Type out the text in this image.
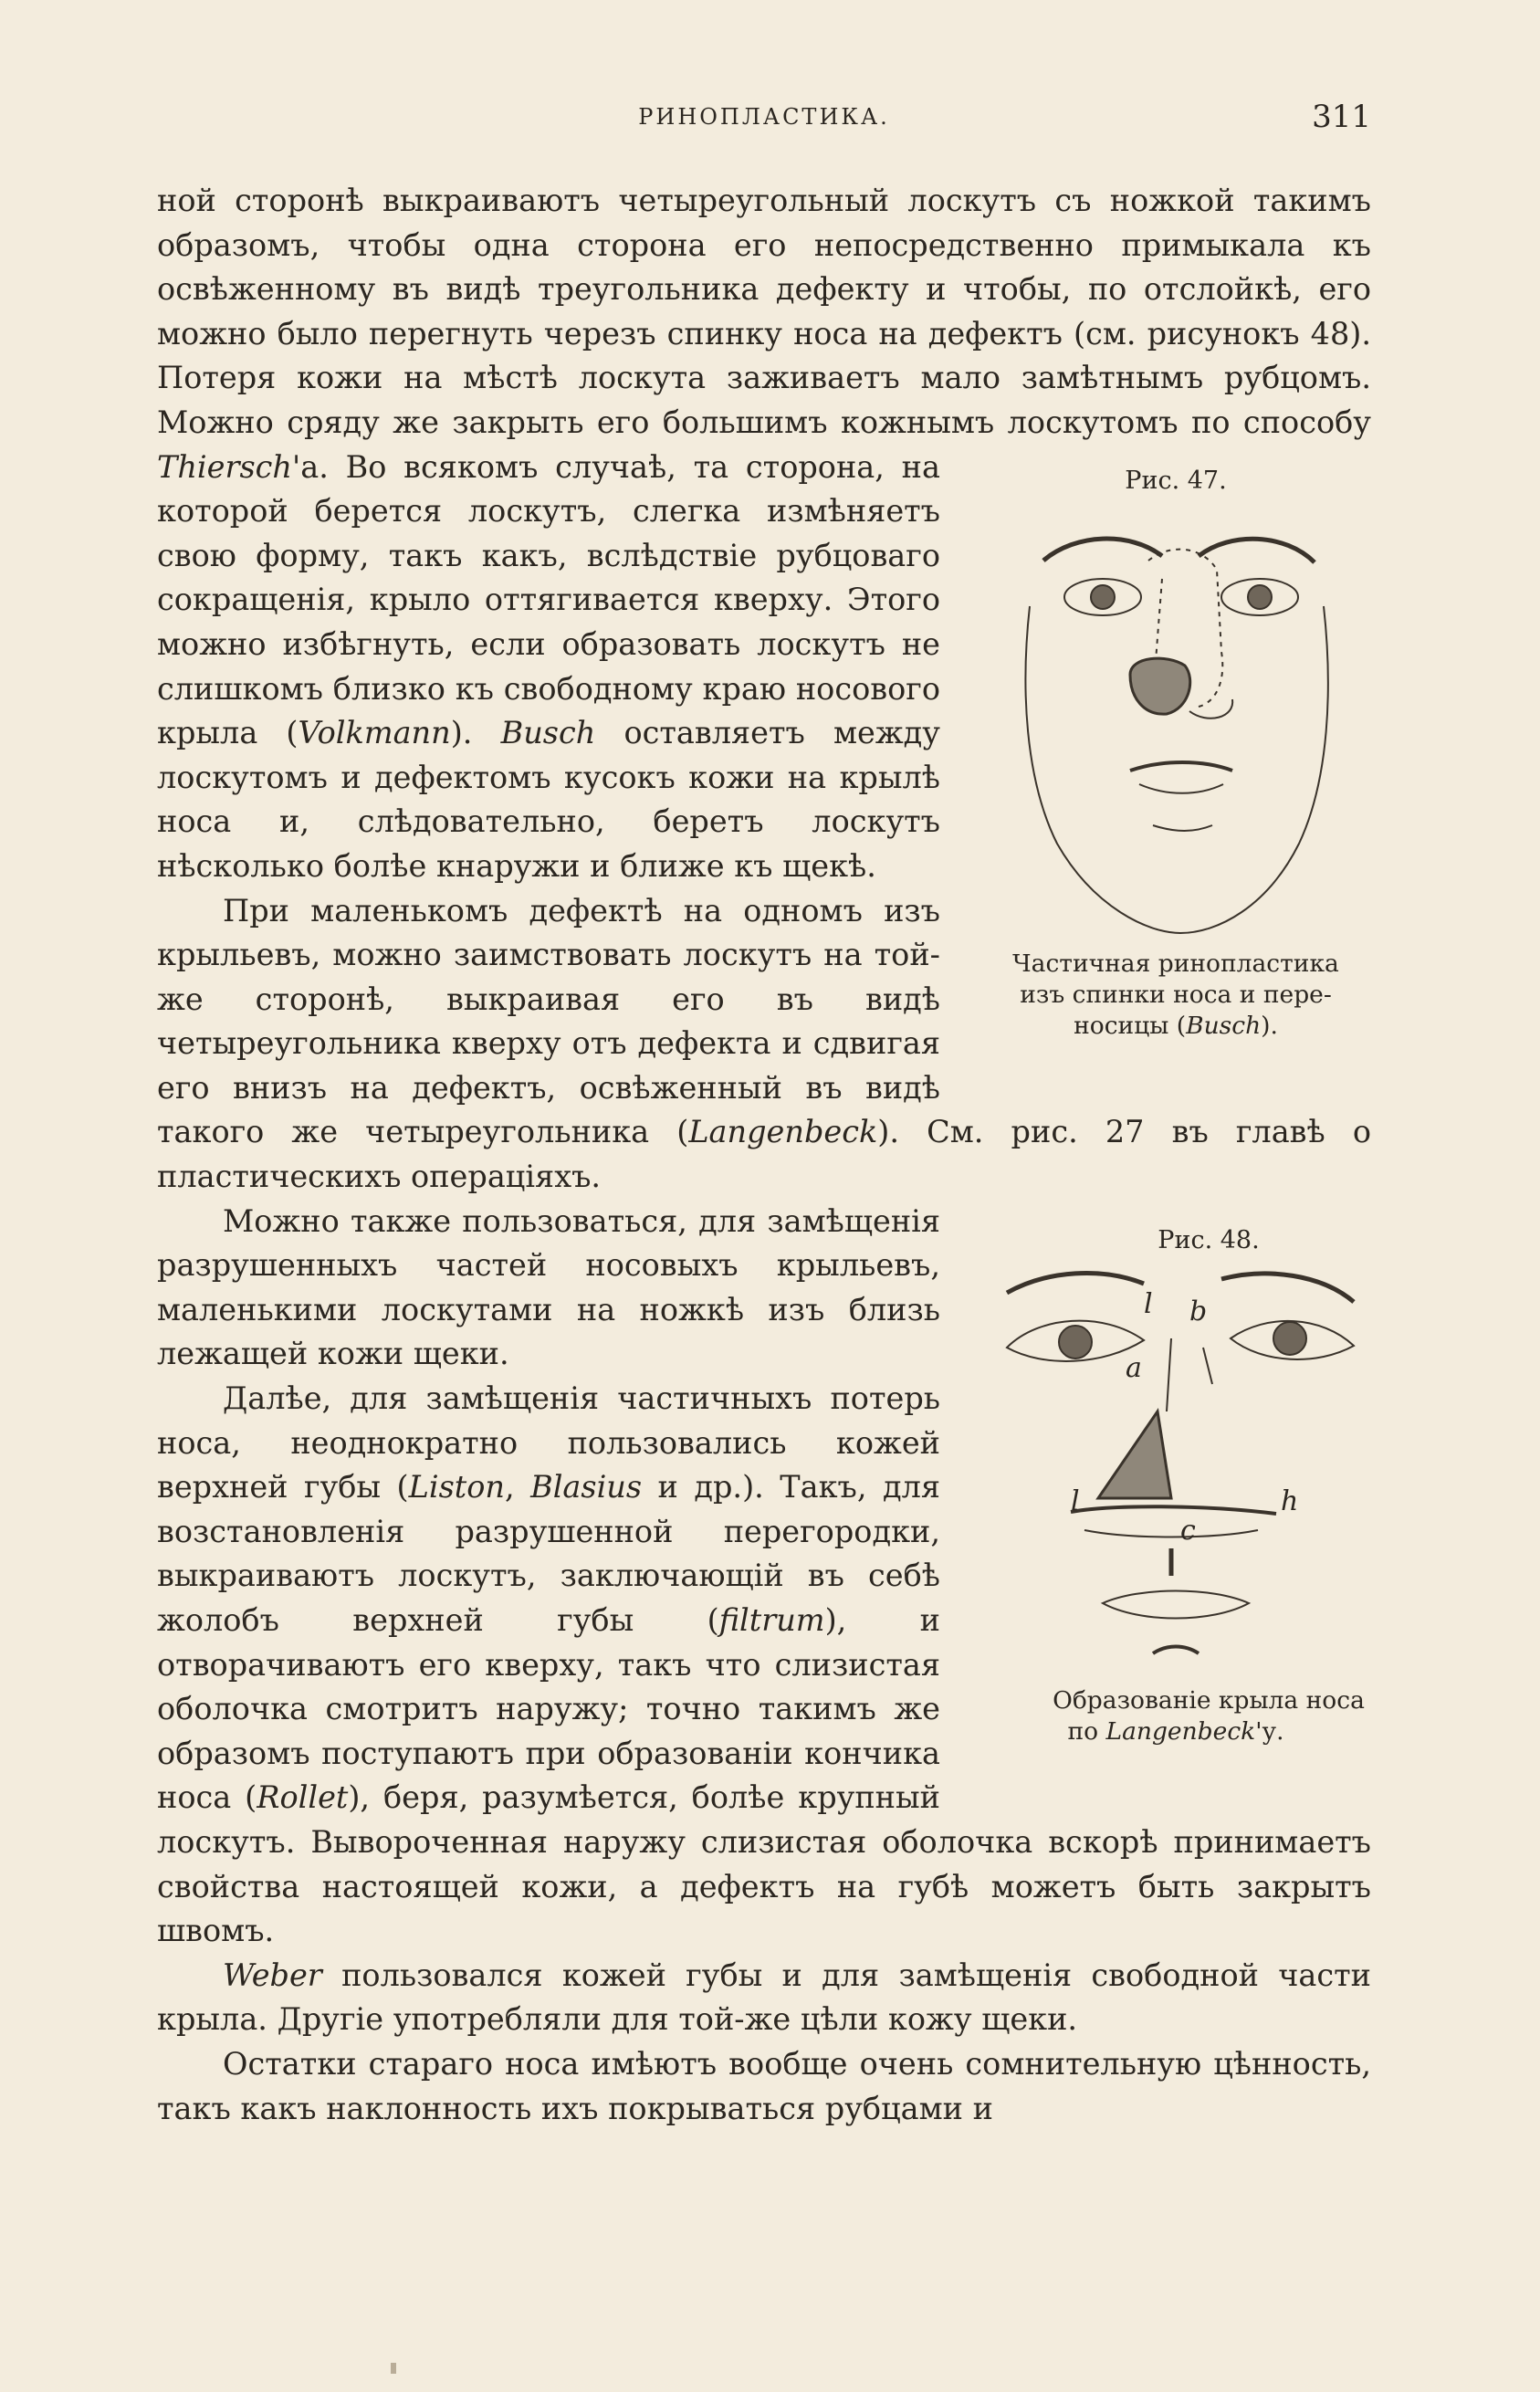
РИНОПЛАСТИКА.	311

ной сторонѣ выкраиваютъ четыреугольный лоскутъ съ ножкой такимъ образомъ, чтобы одна сторона его непосредственно примыкала къ освѣженному въ видѣ треугольника дефекту и чтобы, по отслойкѣ, его можно было перегнуть черезъ спинку носа на дефектъ (см. рисунокъ 48). Потеря кожи на мѣстѣ лоскута заживаетъ мало замѣтнымъ рубцомъ. Можно сряду же закрыть его большимъ кожнымъ лоскутомъ по способу
Рис. 47.
Частичная ринопластика
изъ спинки носа и пере-
носицы (Busch).
Thiersch'а. Во всякомъ случаѣ, та сторона, на которой берется лоскутъ, слегка измѣняетъ свою форму, такъ какъ, вслѣдствіе рубцоваго сокращенія, крыло оттягивается кверху. Этого можно избѣгнуть, если образовать лоскутъ не слишкомъ близко къ свободному краю носового крыла (Volkmann). Busch оставляетъ между лоскутомъ и дефектомъ кусокъ кожи на крылѣ носа и, слѣдовательно, беретъ лоскутъ нѣсколько болѣе кнаружи и ближе къ щекѣ.

При маленькомъ дефектѣ на одномъ изъ крыльевъ, можно заимствовать лоскутъ на той-же сторонѣ, выкраивая его въ видѣ четыреугольника кверху отъ дефекта и сдвигая его внизъ на дефектъ, освѣженный въ видѣ такого же четыреугольника (Langenbeck). См. рис. 27 въ главѣ о пластическихъ операціяхъ.

Рис. 48.
l
l
a
b
c
h
Образованіе крыла носа
по Langenbeck'у.
Можно также пользоваться, для замѣщенія разрушенныхъ частей носовыхъ крыльевъ, маленькими лоскутами на ножкѣ изъ близь лежащей кожи щеки.

Далѣе, для замѣщенія частичныхъ потерь носа, неоднократно пользовались кожей верхней губы (Liston, Blasius и др.). Такъ, для возстановленія разрушенной перегородки, выкраиваютъ лоскутъ, заключающій въ себѣ жолобъ верхней губы (filtrum), и отворачиваютъ его кверху, такъ что слизистая оболочка смотритъ наружу; точно такимъ же образомъ поступаютъ при образованіи кончика носа (Rollet), беря, разумѣется, болѣе крупный лоскутъ. Вывороченная наружу слизистая оболочка вскорѣ принимаетъ свойства настоящей кожи, а дефектъ на губѣ можетъ быть закрытъ швомъ.

Weber пользовался кожей губы и для замѣщенія свободной части крыла. Другіе употребляли для той-же цѣли кожу щеки.

Остатки стараго носа имѣютъ вообще очень сомнительную цѣнность, такъ какъ наклонность ихъ покрываться рубцами и
